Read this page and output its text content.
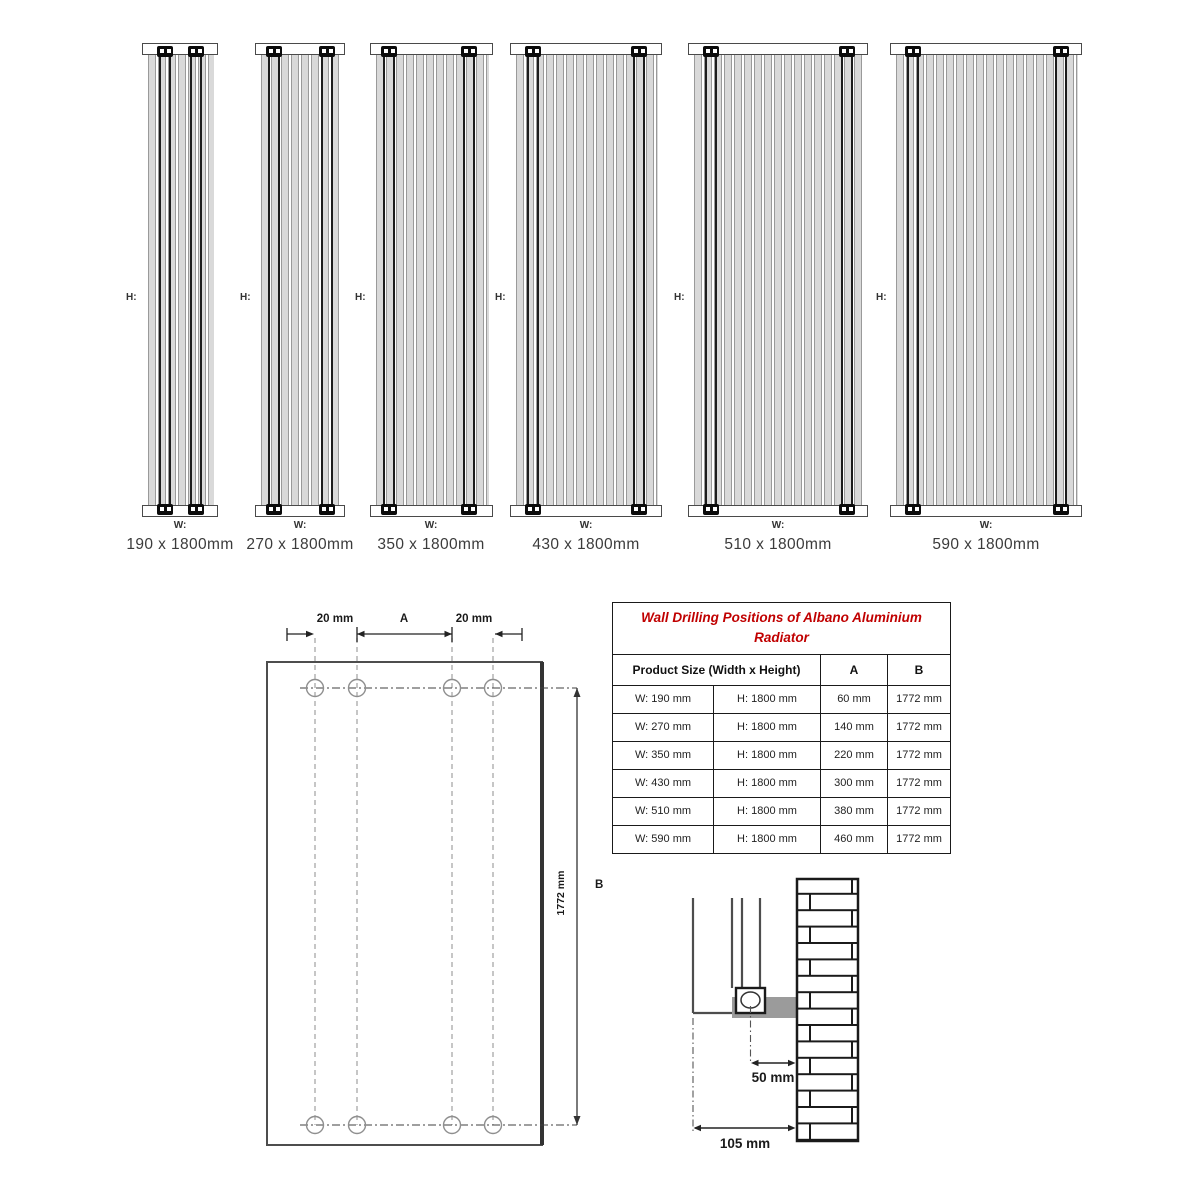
H:	H:	H:	H:	H:	H:
W:	W:	W:	W:	W:	W:
190 x 1800mm 270 x 1800mm	350 x 1800mm	430 x 1800mm	510 x 1800mm	590 x 1800mm
20 mm	A	20 mm
1772 mm B
Wall Drilling Positions of Albano Aluminium Radiator			
Product Size (Width x Height)		A	B
W: 190 mm	H: 1800 mm	60 mm	1772 mm
W: 270 mm	H: 1800 mm	140 mm	1772 mm
W: 350 mm	H: 1800 mm	220 mm	1772 mm
W: 430 mm	H: 1800 mm	300 mm	1772 mm
W: 510 mm	H: 1800 mm	380 mm	1772 mm
W: 590 mm	H: 1800 mm	460 mm	1772 mm
50 mm
105 mm
